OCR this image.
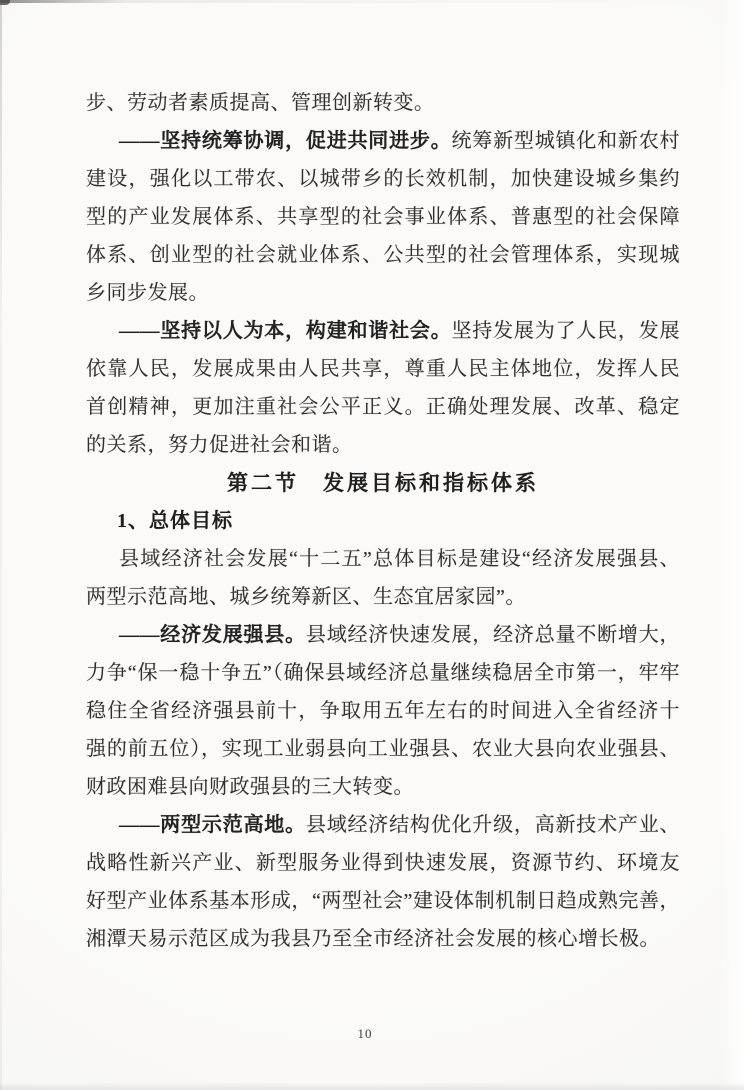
步、劳动者素质提高、管理创新转变。

——坚持统筹协调，促进共同进步。统筹新型城镇化和新农村建设，强化以工带农、以城带乡的长效机制，加快建设城乡集约型的产业发展体系、共享型的社会事业体系、普惠型的社会保障体系、创业型的社会就业体系、公共型的社会管理体系，实现城乡同步发展。

——坚持以人为本，构建和谐社会。坚持发展为了人民，发展依靠人民，发展成果由人民共享，尊重人民主体地位，发挥人民首创精神，更加注重社会公平正义。正确处理发展、改革、稳定的关系，努力促进社会和谐。

第二节　发展目标和指标体系

1、总体目标

县域经济社会发展“十二五”总体目标是建设“经济发展强县、两型示范高地、城乡统筹新区、生态宜居家园”。

——经济发展强县。县域经济快速发展，经济总量不断增大，力争“保一稳十争五”（确保县域经济总量继续稳居全市第一，牢牢稳住全省经济强县前十，争取用五年左右的时间进入全省经济十强的前五位），实现工业弱县向工业强县、农业大县向农业强县、财政困难县向财政强县的三大转变。

——两型示范高地。县域经济结构优化升级，高新技术产业、战略性新兴产业、新型服务业得到快速发展，资源节约、环境友好型产业体系基本形成，“两型社会”建设体制机制日趋成熟完善，湘潭天易示范区成为我县乃至全市经济社会发展的核心增长极。

10
